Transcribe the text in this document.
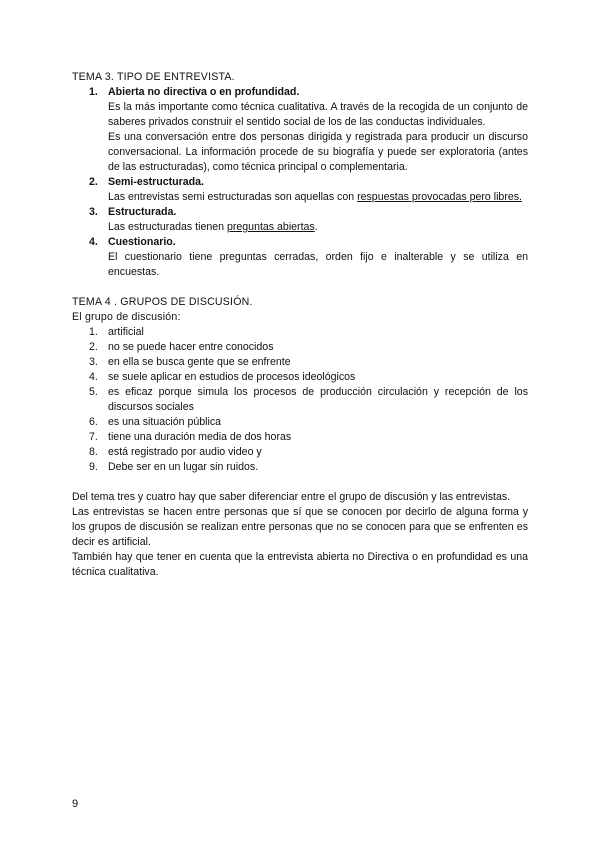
TEMA 3. TIPO DE ENTREVISTA.

1. Abierta no directiva o en profundidad.

Es la más importante como técnica cualitativa. A través de la recogida de un conjunto de saberes privados construir el sentido social de los de las conductas individuales.

Es una conversación entre dos personas dirigida y registrada para producir un discurso conversacional. La información procede de su biografía y puede ser exploratoria (antes de las estructuradas), como técnica principal o complementaria.

2. Semi-estructurada.

Las entrevistas semi estructuradas son aquellas con respuestas provocadas pero libres.

3. Estructurada.

Las estructuradas tienen preguntas abiertas.

4. Cuestionario.

El cuestionario tiene preguntas cerradas, orden fijo e inalterable y se utiliza en encuestas.

TEMA 4 . GRUPOS DE DISCUSIÓN.

El grupo de discusión:

1. artificial
2. no se puede hacer entre conocidos
3. en ella se busca gente que se enfrente
4. se suele aplicar en estudios de procesos ideológicos
5. es eficaz porque simula los procesos de producción circulación y recepción de los discursos sociales
6. es una situación pública
7. tiene una duración media de dos horas
8. está registrado por audio video y
9. Debe ser en un lugar sin ruidos.

Del tema tres y cuatro hay que saber diferenciar entre el grupo de discusión y las entrevistas.

Las entrevistas se hacen entre personas que sí que se conocen por decirlo de alguna forma y los grupos de discusión se realizan entre personas que no se conocen para que se enfrenten es decir es artificial.

También hay que tener en cuenta que la entrevista abierta no Directiva o en profundidad es una técnica cualitativa.

9
